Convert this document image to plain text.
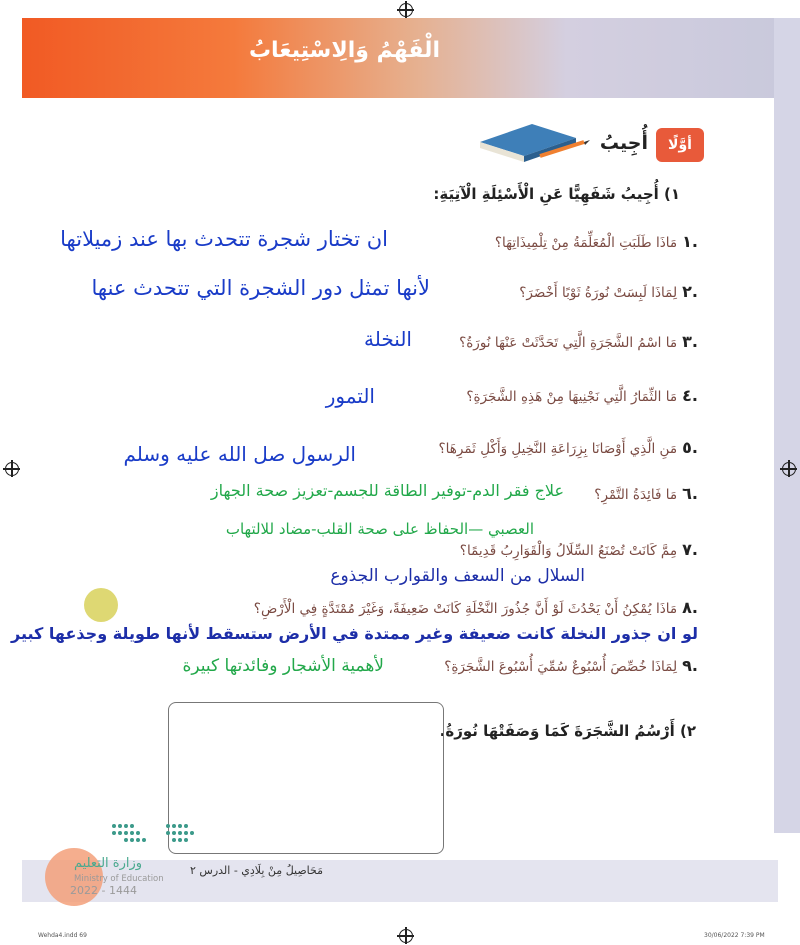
الْفَهْمُ وَالِاسْتِيعَابُ
أوَّلًا
أُجِيبُ
١) أُجِيبُ شَفَهِيًّا عَنِ الْأَسْئِلَةِ الْآتِيَةِ:
.١ مَاذَا طَلَبَتِ الْمُعَلِّمَةُ مِنْ تِلْمِيذَاتِهَا؟
ان تختار شجرة تتحدث بها عند زميلاتها
.٢ لِمَاذَا لَبِسَتْ نُورَةُ ثَوْبًا أَخْضَرَ؟
لأنها تمثل دور الشجرة التي تتحدث عنها
.٣ مَا اسْمُ الشَّجَرَةِ الَّتِي تَحَدَّثَتْ عَنْهَا نُورَةُ؟
النخلة
.٤ مَا الثِّمَارُ الَّتِي نَجْنِيهَا مِنْ هَذِهِ الشَّجَرَةِ؟
التمور
.٥ مَنِ الَّذِي أَوْصَانَا بِزِرَاعَةِ النَّخِيلِ وَأَكْلِ ثَمَرِهَا؟
الرسول صل الله عليه وسلم
.٦ مَا فَائِدَةُ التَّمْرِ؟
علاج فقر الدم-توفير الطاقة للجسم-تعزيز صحة الجهاز
العصبي —الحفاظ على صحة القلب-مضاد للالتهاب
.٧ مِمَّ كَانَتْ تُصْنَعُ السِّلَالُ وَالْقَوَارِبُ قَدِيمًا؟
السلال من السعف والقوارب الجذوع
.٨ مَاذَا يُمْكِنُ أَنْ يَحْدُثَ لَوْ أَنَّ جُذُورَ النَّخْلَةِ كَانَتْ ضَعِيفَةً، وَغَيْرَ مُمْتَدَّةٍ فِي الْأَرْضِ؟
لو ان جذور النخلة كانت ضعيفة وغير ممتدة في الأرض ستسقط لأنها طويلة وجذعها كبير
.٩ لِمَاذَا خُصِّصَ أُسْبُوعٌ سُمِّيَ أُسْبُوعَ الشَّجَرَةِ؟
لأهمية الأشجار وفائدتها كبيرة
٢) أَرْسُمُ الشَّجَرَةَ كَمَا وَصَفَتْهَا نُورَةُ.
مَحَاصِيلُ مِنْ بِلَادِي - الدرس ٢
وزارة التعليم
Ministry of Education
2022 - 1444
Wehda4.indd 69	30/06/2022 7:39 PM
